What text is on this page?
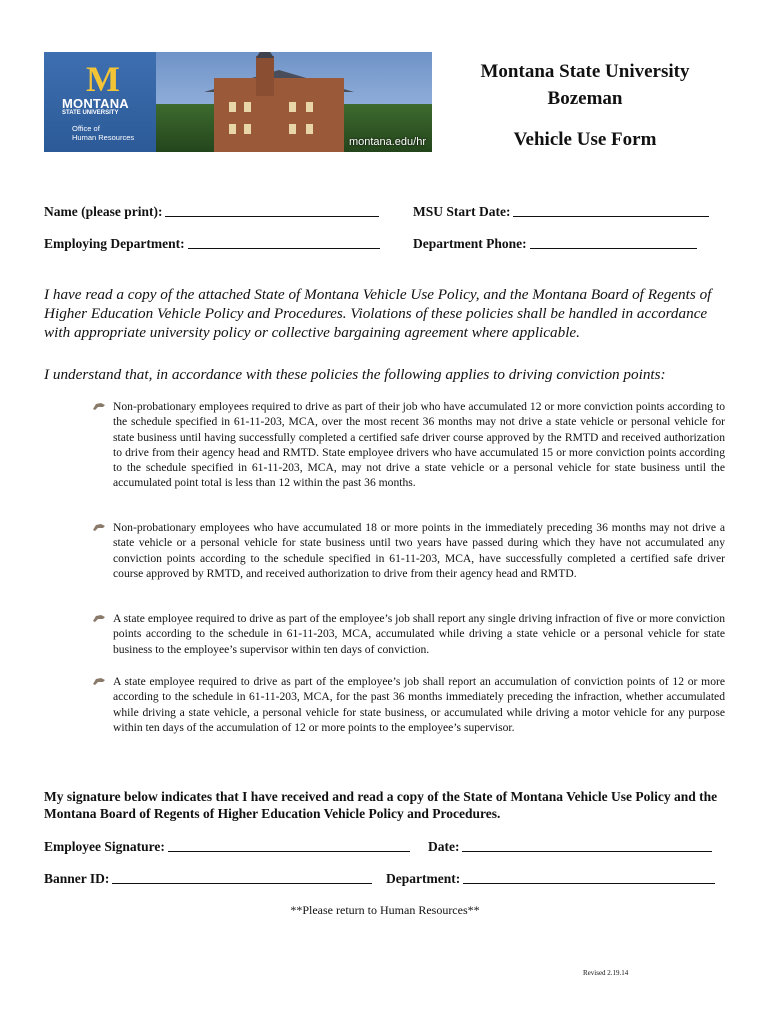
M
MONTANA
STATE UNIVERSITY
Office of
Human Resources	montana.edu/hr
Montana State University
Bozeman
Vehicle Use Form
Name (please print):	MSU Start Date:
Employing Department:	Department Phone:
I have read a copy of the attached State of Montana Vehicle Use Policy, and the Montana Board of Regents of Higher Education Vehicle Policy and Procedures. Violations of these policies shall be handled in accordance with appropriate university policy or collective bargaining agreement where applicable.
I understand that, in accordance with these policies the following applies to driving conviction points:
Non-probationary employees required to drive as part of their job who have accumulated 12 or more conviction points according to the schedule specified in 61-11-203, MCA, over the most recent 36 months may not drive a state vehicle or personal vehicle for state business until having successfully completed a certified safe driver course approved by the RMTD and received authorization to drive from their agency head and RMTD. State employee drivers who have accumulated 15 or more conviction points according to the schedule specified in 61-11-203, MCA, may not drive a state vehicle or a personal vehicle for state business until the accumulated point total is less than 12 within the past 36 months.
Non-probationary employees who have accumulated 18 or more points in the immediately preceding 36 months may not drive a state vehicle or a personal vehicle for state business until two years have passed during which they have not accumulated any conviction points according to the schedule specified in 61-11-203, MCA, have successfully completed a certified safe driver course approved by RMTD, and received authorization to drive from their agency head and RMTD.
A state employee required to drive as part of the employee’s job shall report any single driving infraction of five or more conviction points according to the schedule in 61-11-203, MCA, accumulated while driving a state vehicle or a personal vehicle for state business to the employee’s supervisor within ten days of conviction.
A state employee required to drive as part of the employee’s job shall report an accumulation of conviction points of 12 or more according to the schedule in 61-11-203, MCA, for the past 36 months immediately preceding the infraction, whether accumulated while driving a state vehicle, a personal vehicle for state business, or accumulated while driving a motor vehicle for any purpose within ten days of the accumulation of 12 or more points to the employee’s supervisor.
My signature below indicates that I have received and read a copy of the State of Montana Vehicle Use Policy and the Montana Board of Regents of Higher Education Vehicle Policy and Procedures.
Employee Signature:	Date:
Banner ID:	Department:
**Please return to Human Resources**
Revised 2.19.14
